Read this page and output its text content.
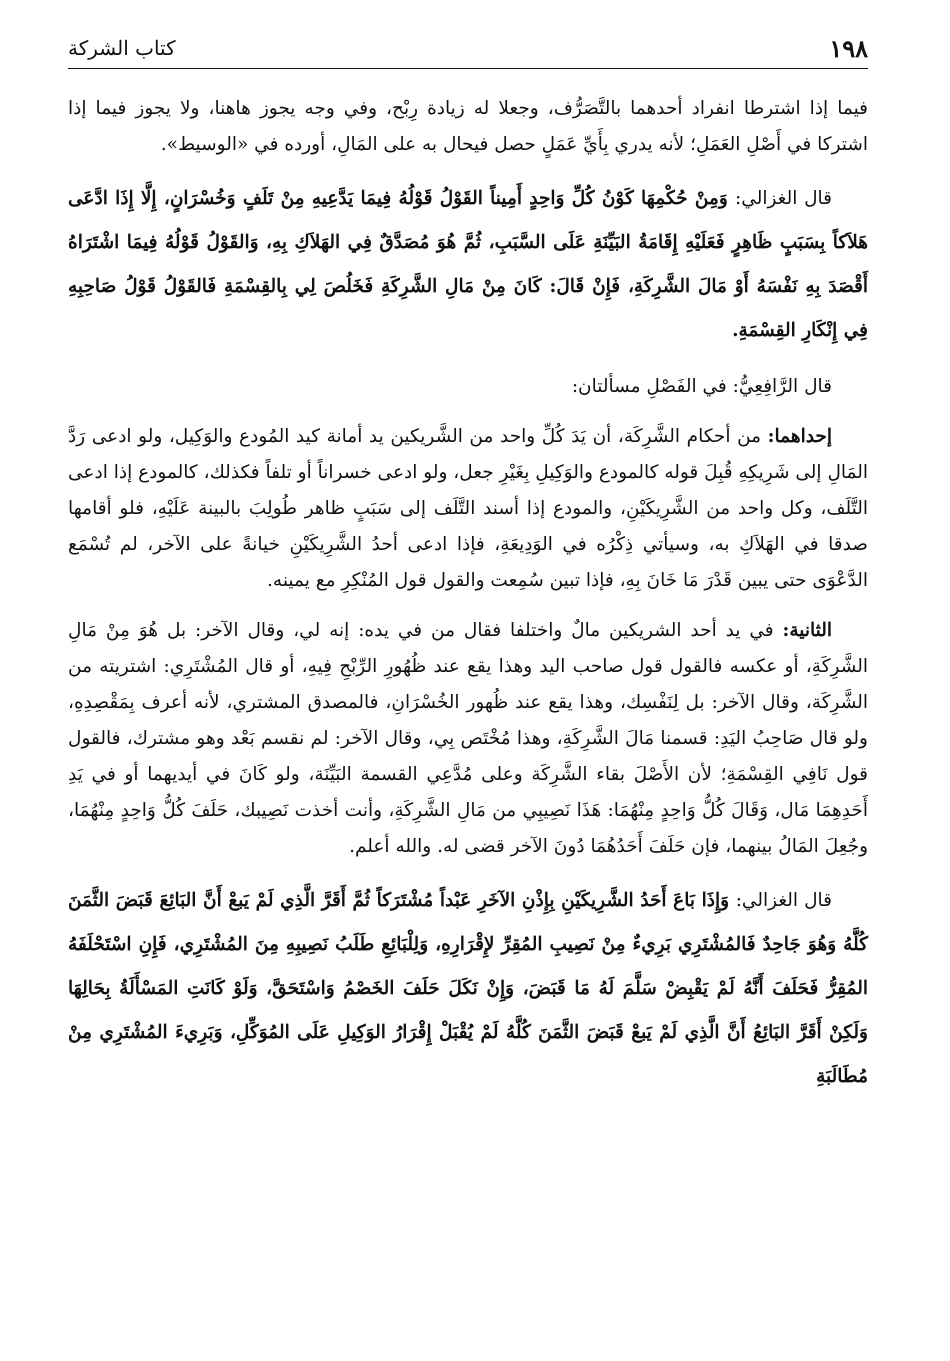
١٩٨
كتاب الشركة

فيما إذا اشترطا انفراد أحدهما بالتَّصَرُّف، وجعلا له زيادة رِبْح، وفي وجه يجوز هاهنا، ولا يجوز فيما إذا اشتركا في أَصْلِ العَمَلِ؛ لأنه يدري بِأَيِّ عَمَلٍ حصل فيحال به على المَالِ، أورده في «الوسيط».

قال الغزالي: وَمِنْ حُكْمِهَا كَوْنُ كُلِّ وَاحِدٍ أَمِيناً القَوْلُ قَوْلُهُ فِيمَا يَدَّعِيهِ مِنْ تَلَفٍ وَخُسْرَانٍ، إِلَّا إِذَا ادَّعَى هَلاَكاً بِسَبَبٍ ظَاهِرٍ فَعَلَيْهِ إِقَامَةُ البَيِّنَةِ عَلَى السَّبَبِ، ثُمَّ هُوَ مُصَدَّقٌ فِي الهَلاَكِ بِهِ، وَالقَوْلُ قَوْلُهُ فِيمَا اشْتَرَاهُ أَقْصَدَ بِهِ نَفْسَهُ أَوْ مَالَ الشَّرِكَةِ، فَإِنْ قَالَ: كَانَ مِنْ مَالِ الشَّرِكَةِ فَخَلُصَ لِي بِالقِسْمَةِ فَالقَوْلُ قَوْلُ صَاحِبِهِ فِي إِنْكَارِ القِسْمَةِ.

قال الرَّافِعِيُّ: في الفَصْلِ مسألتان:

إحداهما: من أحكام الشَّرِكَة، أن يَدَ كُلِّ واحد من الشَّريكين يد أمانة كيد المُودع والوَكِيل، ولو ادعى رَدَّ المَالِ إلى شَرِيكِهِ قُبِلَ قوله كالمودع والوَكِيلِ بِغَيْرِ جعل، ولو ادعى خسراناً أو تلفاً فكذلك، كالمودع إذا ادعى التَّلَف، وكل واحد من الشَّرِيكَيْنِ، والمودع إذا أسند التَّلَف إلى سَبَبٍ ظاهر طُولِبَ بالبينة عَلَيْهِ، فلو أقامها صدقا في الهَلاَكِ به، وسيأتي ذِكْرُه في الوَدِيعَةِ، فإذا ادعى أحدُ الشَّرِيكَيْنِ خيانةً على الآخر، لم تُسْمَع الدَّعْوَى حتى يبين قَدْرَ مَا خَانَ بِهِ، فإذا تبين سُمِعت والقول قول المُنْكِرِ مع يمينه.

الثانية: في يد أحد الشريكين مالٌ واختلفا فقال من في يده: إنه لي، وقال الآخر: بل هُوَ مِنْ مَالِ الشَّرِكَةِ، أو عكسه فالقول قول صاحب اليد وهذا يقع عند ظُهُورِ الرِّبْحِ فِيهِ، أو قال المُشْتَرِي: اشتريته من الشَّرِكَة، وقال الآخر: بل لِنَفْسِك، وهذا يقع عند ظُهور الخُسْرَانِ، فالمصدق المشتري، لأنه أعرف بِمَقْصِدِهِ، ولو قال صَاحِبُ اليَدِ: قسمنا مَالَ الشَّرِكَةِ، وهذا مُخْتَص بِي، وقال الآخر: لم نقسم بَعْد وهو مشترك، فالقول قول نَافِي القِسْمَةِ؛ لأن الأَصْلَ بقاء الشَّرِكَة وعلى مُدَّعِي القسمة البَيِّنَة، ولو كَانَ في أيديهما أو في يَدِ أَحَدِهِمَا مَال، وَقَالَ كُلُّ وَاحِدٍ مِنْهُمَا: هَذَا نَصِيبِي من مَالِ الشَّرِكَةِ، وأنت أخذت نَصِيبك، حَلَفَ كُلُّ وَاحِدٍ مِنْهُمَا، وجُعِلَ المَالُ بينهما، فإن حَلَفَ أَحَدُهُمَا دُونَ الآخر قضى له. والله أعلم.

قال الغزالي: وَإِذَا بَاعَ أَحَدُ الشَّرِيكَيْنِ بِإِذْنِ الآخَرِ عَبْداً مُشْتَرَكاً ثُمَّ أَقَرَّ الَّذِي لَمْ يَبعْ أَنَّ البَائِعَ قَبَضَ الثَّمَنَ كُلَّهُ وَهُوَ جَاحِدٌ فَالمُشْتَرِي بَرِيءٌ مِنْ نَصِيبِ المُقِرِّ لإِقْرَارِهِ، وَلِلْبَائِعِ طَلَبُ نَصِيبِهِ مِنَ المُشْتَرِي، فَإِنِ اسْتَحْلَفَهُ المُقِرُّ فَحَلَفَ أَنَّهُ لَمْ يَقْبِضْ سَلَّمَ لَهُ مَا قَبَضَ، وَإِنْ نَكَلَ حَلَفَ الخَصْمُ وَاسْتَحَقَّ، وَلَوْ كَانَتِ المَسْأَلَةُ بِحَالِهَا وَلَكِنْ أَقَرَّ البَائِعُ أَنَّ الَّذِي لَمْ يَبعْ قَبَضَ الثَّمَنَ كُلَّهُ لَمْ يُقْبَلْ إِقْرَارُ الوَكِيلِ عَلَى المُوَكِّلِ، وَبَرِيءَ المُشْتَرِي مِنْ مُطَالَبَةِ
